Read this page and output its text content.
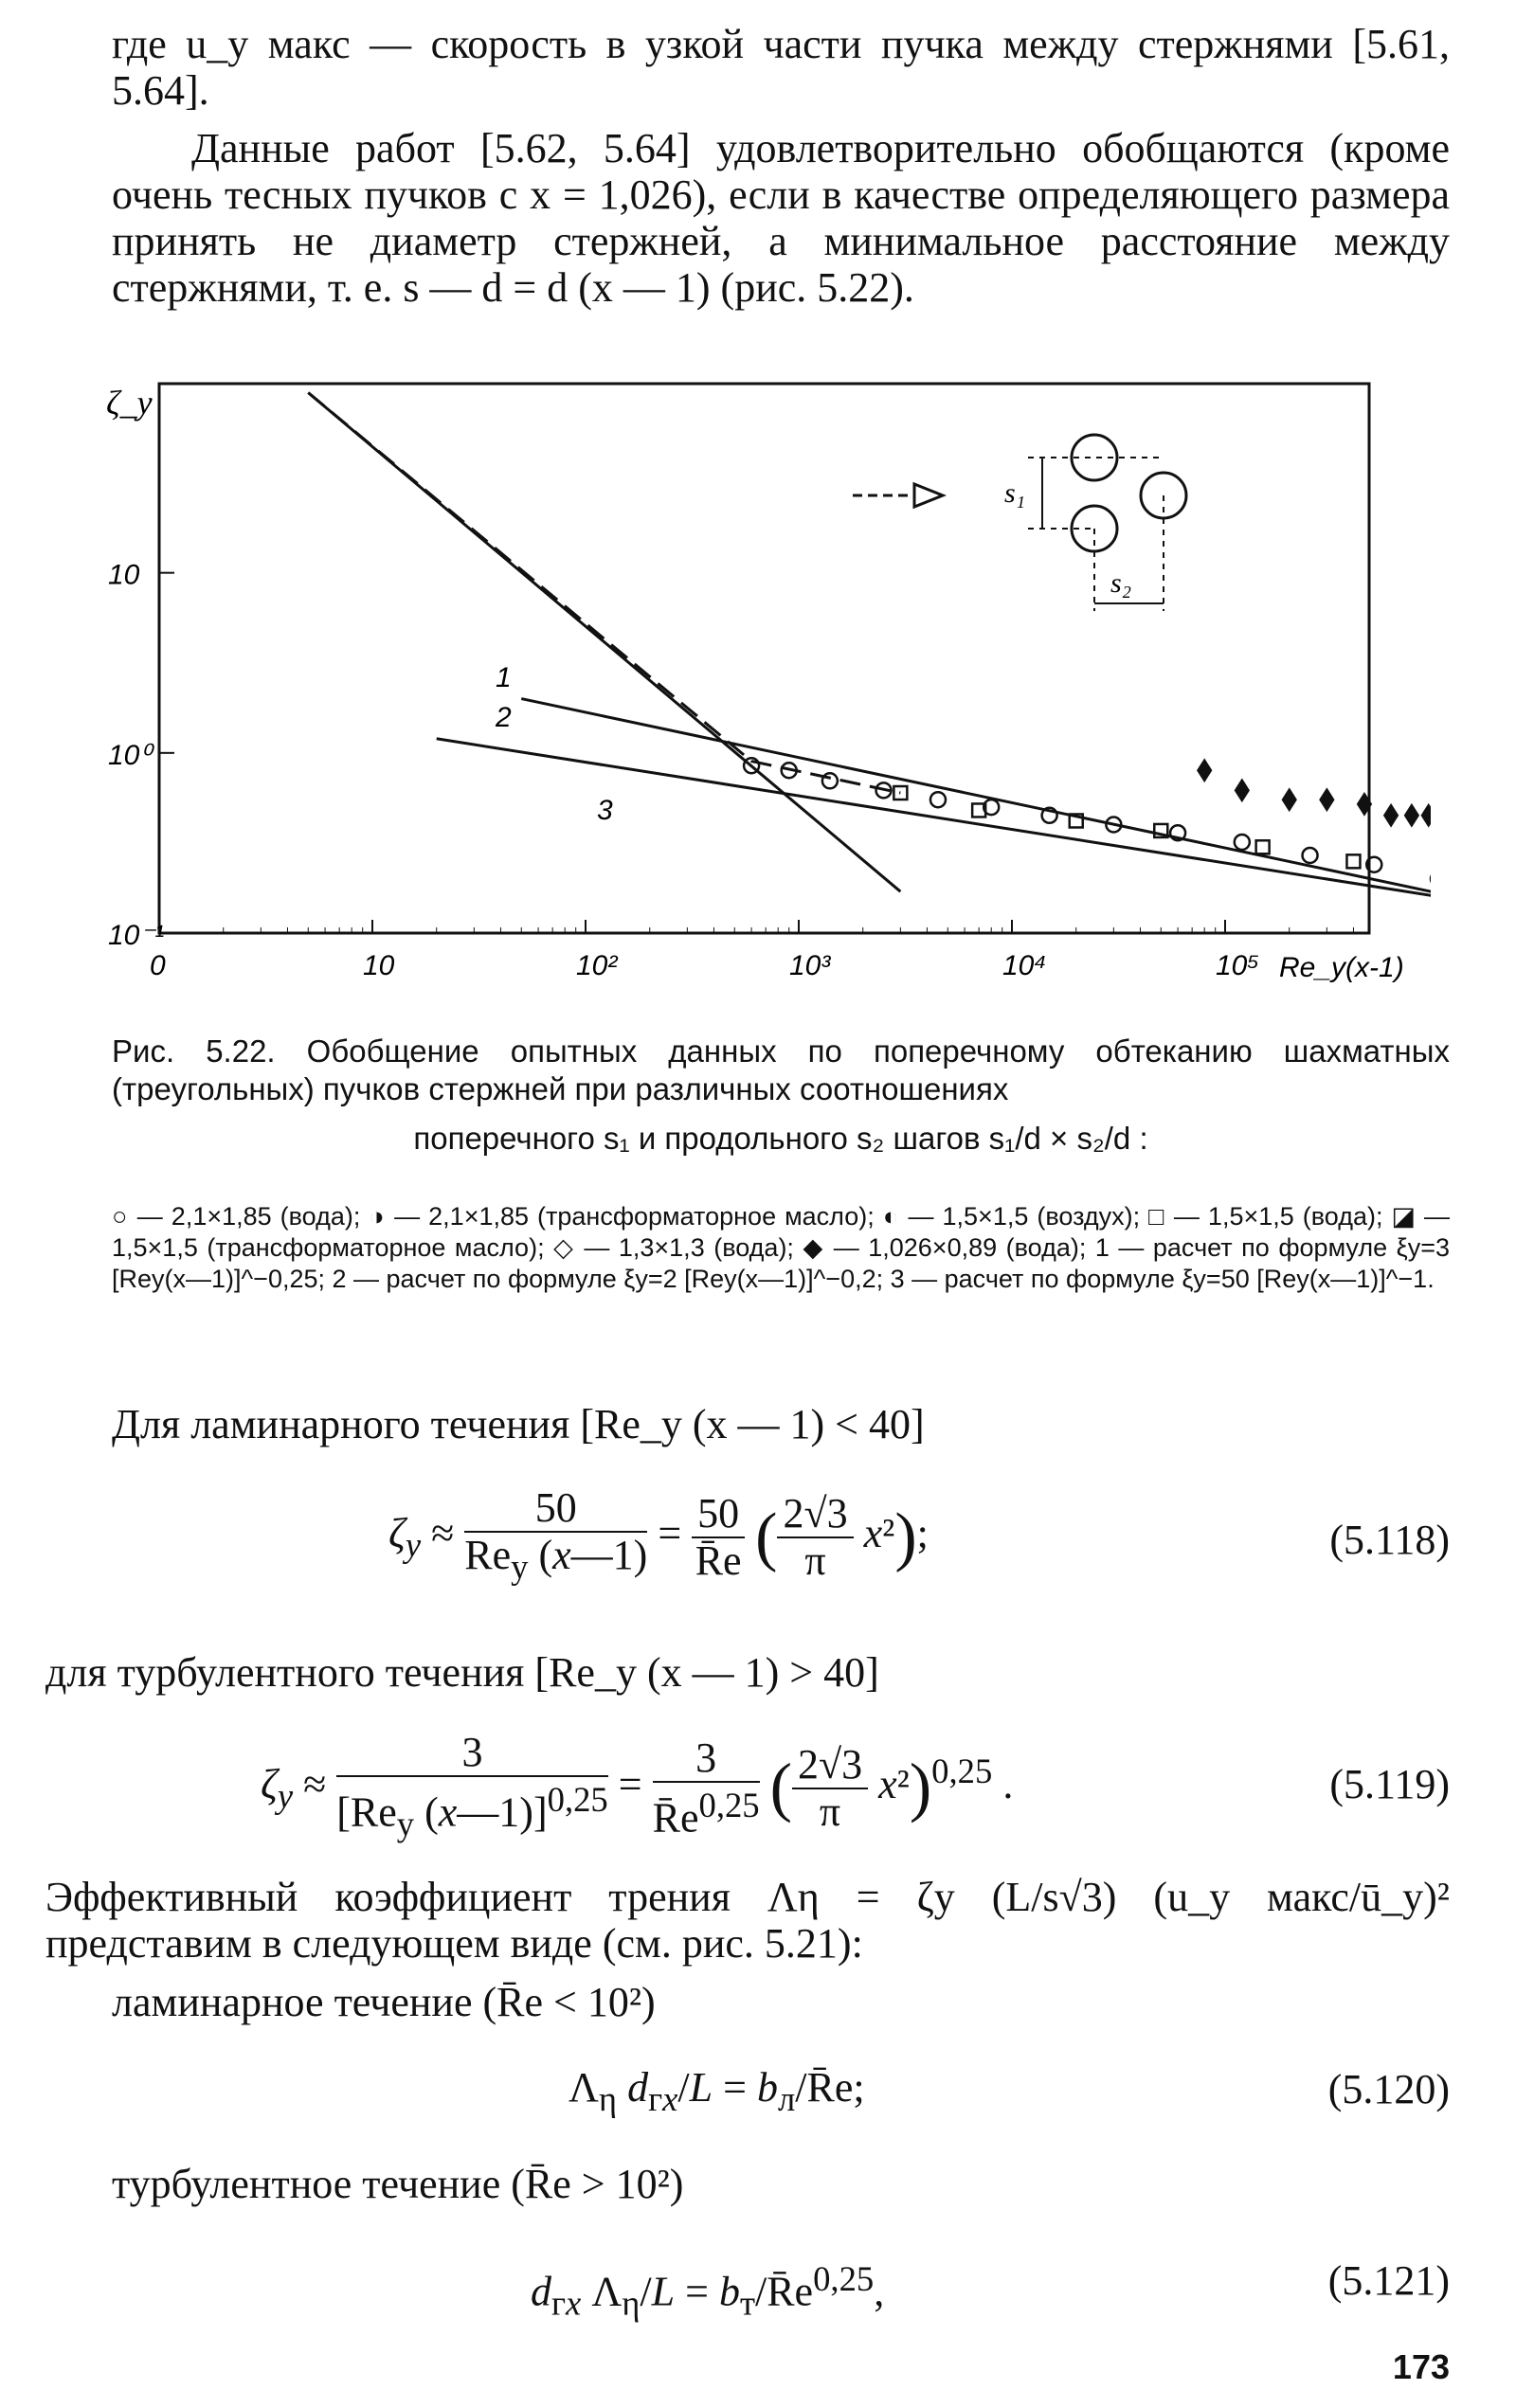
где u_y макс — скорость в узкой части пучка между стержнями [5.61, 5.64].
Данные работ [5.62, 5.64] удовлетворительно обобщаются (кроме очень тесных пучков с x = 1,026), если в качестве определяющего размера принять не диаметр стержней, а минимальное расстояние между стержнями, т. е. s — d = d (x — 1) (рис. 5.22).
0	10	10²	10³	10⁴	10⁵
10
10⁰
10⁻¹
ζ_y
Re_y(x-1)
1
2
3
s₁
s₂
Рис. 5.22. Обобщение опытных данных по поперечному обтеканию шахматных (треугольных) пучков стержней при различных соотношениях
поперечного s₁ и продольного s₂ шагов s₁/d × s₂/d :
○ — 2,1×1,85 (вода); ◑ — 2,1×1,85 (трансформаторное масло); ◐ — 1,5×1,5 (воздух); □ — 1,5×1,5 (вода); ◪ — 1,5×1,5 (трансформаторное масло); ◇ — 1,3×1,3 (вода); ◆ — 1,026×0,89 (вода); 1 — расчет по формуле ξy=3 [Rey(x—1)]^−0,25; 2 — расчет по формуле ξy=2 [Rey(x—1)]^−0,2; 3 — расчет по формуле ξy=50 [Rey(x—1)]^−1.
Для ламинарного течения [Re_y (x — 1) < 40]
$\zeta_y \approx \frac{50}{Re_y (x—1)} = \frac{50}{R̄e}$ ( $\frac{2√3}{\pi} x^2$);	(5.118)
для турбулентного течения [Re_y (x — 1) > 40]
$\zeta_y \approx \frac{3}{[Re_y (x—1)]^{0,25}} = \frac{3}{R̄e^{0,25}}$ ( $\frac{2√3}{\pi} x^2)^{0,25}$ .	(5.119)
Эффективный коэффициент трения Λη = ζy (L/s√3) (u_y макс/ū_y)² представим в следующем виде (см. рис. 5.21):
ламинарное течение (R̄e < 10²)
$\Lambda_\eta$ $d_{гx}/L$ = $b_л/R̄e$;	(5.120)
турбулентное течение (R̄e > 10²)
$d_{гx}$ $\Lambda_\eta/L$ = $b_т/R̄e^{0,25}$,	(5.121)
173
